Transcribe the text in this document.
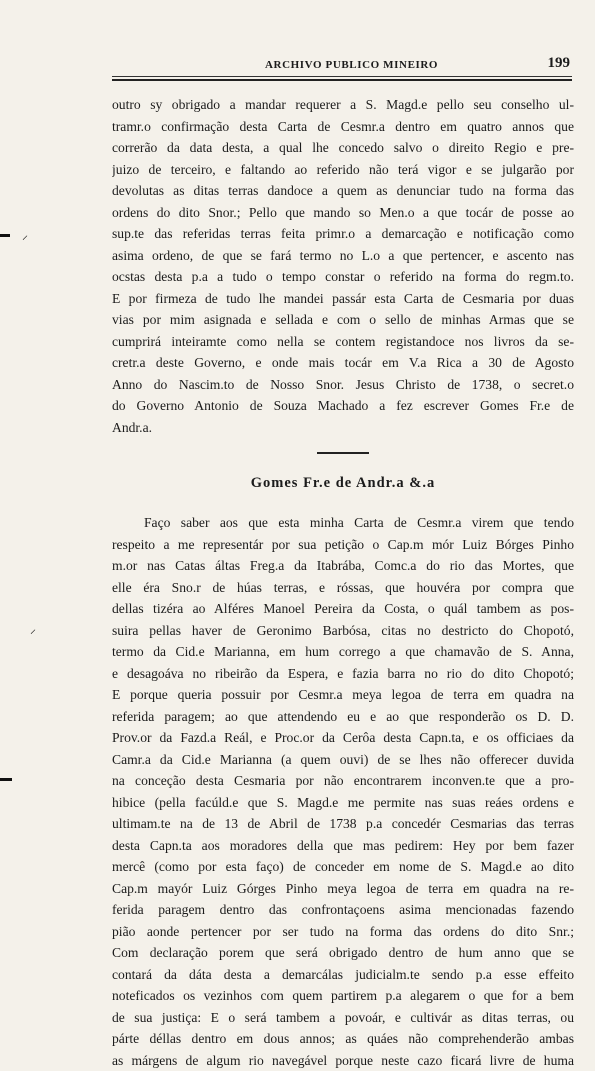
ARCHIVO PUBLICO MINEIRO	199
⸝
⸝
outro sy obrigado a mandar requerer a S. Magd.e pello seu conselho ul-
tramr.o confirmação desta Carta de Cesmr.a dentro em quatro annos que
correrão da data desta, a qual lhe concedo salvo o direito Regio e pre-
juizo de terceiro, e faltando ao referido não terá vigor e se julgarão por
devolutas as ditas terras dandoce a quem as denunciar tudo na forma das
ordens do dito Snor.; Pello que mando so Men.o a que tocár de posse ao
sup.te das referidas terras feita primr.o a demarcação e notificação como
asima ordeno, de que se fará termo no L.o a que pertencer, e ascento nas
ocstas desta p.a a tudo o tempo constar o referido na forma do regm.to.
E por firmeza de tudo lhe mandei passár esta Carta de Cesmaria por duas
vias por mim asignada e sellada e com o sello de minhas Armas que se
cumprirá inteiramte como nella se contem registandoce nos livros da se-
cretr.a deste Governo, e onde mais tocár em V.a Rica a 30 de Agosto
Anno do Nascim.to de Nosso Snor. Jesus Christo de 1738, o secret.o
do Governo Antonio de Souza Machado a fez escrever Gomes Fr.e de
Andr.a.
Gomes Fr.e de Andr.a &.a
Faço saber aos que esta minha Carta de Cesmr.a virem que tendo
respeito a me representár por sua petição o Cap.m mór Luiz Bórges Pinho
m.or nas Catas áltas Freg.a da Itabrába, Comc.a do rio das Mortes, que
elle éra Sno.r de húas terras, e róssas, que houvéra por compra que
dellas tizéra ao Alféres Manoel Pereira da Costa, o quál tambem as pos-
suira pellas haver de Geronimo Barbósa, citas no destricto do Chopotó,
termo da Cid.e Marianna, em hum corrego a que chamavão de S. Anna,
e desagoáva no ribeirão da Espera, e fazia barra no rio do dito Chopotó;
E porque queria possuir por Cesmr.a meya legoa de terra em quadra na
referida paragem; ao que attendendo eu e ao que responderão os D. D.
Prov.or da Fazd.a Reál, e Proc.or da Cerôa desta Capn.ta, e os officiaes da
Camr.a da Cid.e Marianna (a quem ouvi) de se lhes não offerecer duvida
na conceção desta Cesmaria por não encontrarem inconven.te que a pro-
hibice (pella facúld.e que S. Magd.e me permite nas suas reáes ordens e
ultimam.te na de 13 de Abril de 1738 p.a concedér Cesmarias das terras
desta Capn.ta aos moradores della que mas pedirem: Hey por bem fazer
mercê (como por esta faço) de conceder em nome de S. Magd.e ao dito
Cap.m mayór Luiz Górges Pinho meya legoa de terra em quadra na re-
ferida paragem dentro das confrontaçoens asima mencionadas fazendo
pião aonde pertencer por ser tudo na forma das ordens do dito Snr.;
Com declaração porem que será obrigado dentro de hum anno que se
contará da dáta desta a demarcálas judicialm.te sendo p.a esse effeito
noteficados os vezinhos com quem partirem p.a alegarem o que for a bem
de sua justiça: E o será tambem a povoár, e cultivár as ditas terras, ou
párte déllas dentro em dous annos; as quáes não comprehenderão ambas
as márgens de algum rio navegável porque neste cazo ficará livre de huma
